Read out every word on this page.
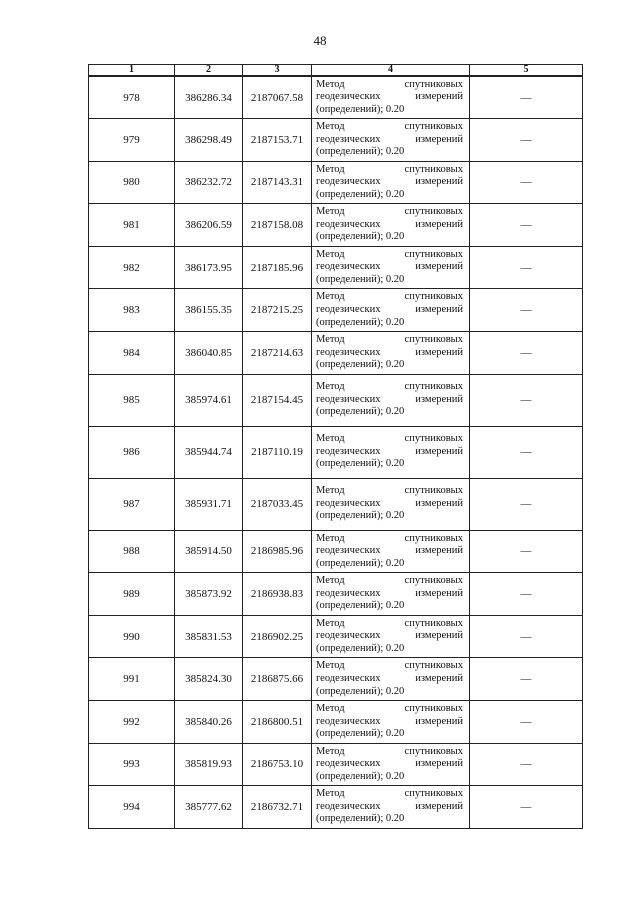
48
1	2	3	4	5
978	386286.34	2187067.58	Метод спутниковых
геодезических измерений
(определений); 0.20	—
979	386298.49	2187153.71	Метод спутниковых
геодезических измерений
(определений); 0.20	—
980	386232.72	2187143.31	Метод спутниковых
геодезических измерений
(определений); 0.20	—
981	386206.59	2187158.08	Метод спутниковых
геодезических измерений
(определений); 0.20	—
982	386173.95	2187185.96	Метод спутниковых
геодезических измерений
(определений); 0.20	—
983	386155.35	2187215.25	Метод спутниковых
геодезических измерений
(определений); 0.20	—
984	386040.85	2187214.63	Метод спутниковых
геодезических измерений
(определений); 0.20	—
985	385974.61	2187154.45	Метод спутниковых
геодезических измерений
(определений); 0.20	—
986	385944.74	2187110.19	Метод спутниковых
геодезических измерений
(определений); 0.20	—
987	385931.71	2187033.45	Метод спутниковых
геодезических измерений
(определений); 0.20	—
988	385914.50	2186985.96	Метод спутниковых
геодезических измерений
(определений); 0.20	—
989	385873.92	2186938.83	Метод спутниковых
геодезических измерений
(определений); 0.20	—
990	385831.53	2186902.25	Метод спутниковых
геодезических измерений
(определений); 0.20	—
991	385824.30	2186875.66	Метод спутниковых
геодезических измерений
(определений); 0.20	—
992	385840.26	2186800.51	Метод спутниковых
геодезических измерений
(определений); 0.20	—
993	385819.93	2186753.10	Метод спутниковых
геодезических измерений
(определений); 0.20	—
994	385777.62	2186732.71	Метод спутниковых
геодезических измерений
(определений); 0.20	—
